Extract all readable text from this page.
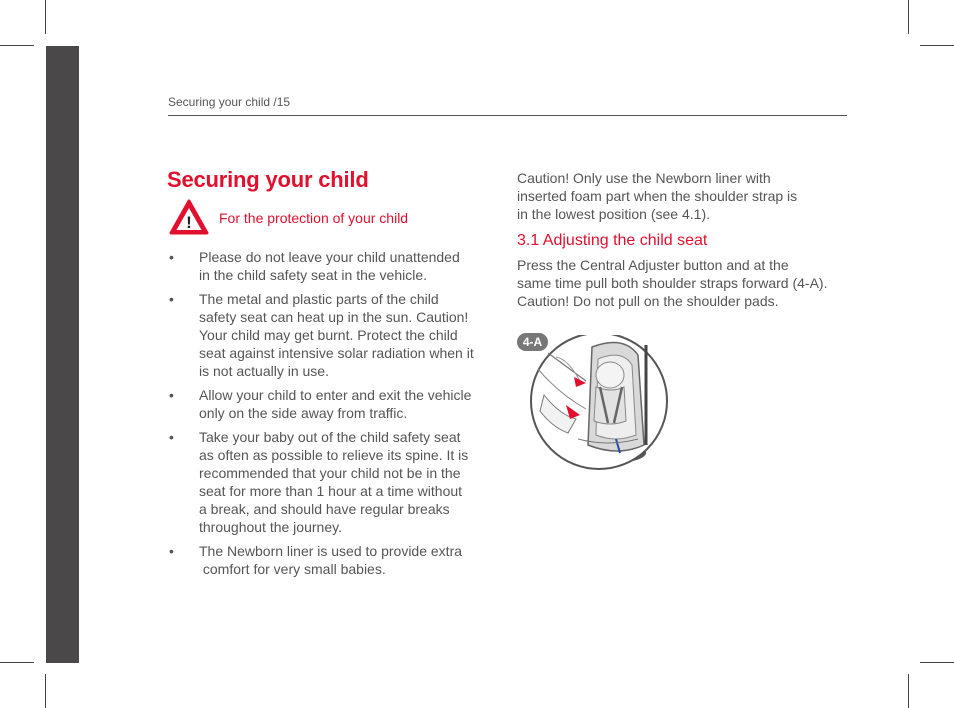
Securing your child /15
Securing your child
! For the protection of your child
• Please do not leave your child unattended
in the child safety seat in the vehicle.
• The metal and plastic parts of the child
safety seat can heat up in the sun. Caution!
Your child may get burnt. Protect the child
seat against intensive solar radiation when it
is not actually in use.
• Allow your child to enter and exit the vehicle
only on the side away from traffic.
• Take your baby out of the child safety seat
as often as possible to relieve its spine. It is
recommended that your child not be in the
seat for more than 1 hour at a time without
a break, and should have regular breaks
throughout the journey.
• The Newborn liner is used to provide extra
comfort for very small babies.
Caution! Only use the Newborn liner with
inserted foam part when the shoulder strap is
in the lowest position (see 4.1).
3.1 Adjusting the child seat
Press the Central Adjuster button and at the
same time pull both shoulder straps forward (4-A).
Caution! Do not pull on the shoulder pads.
4-A
